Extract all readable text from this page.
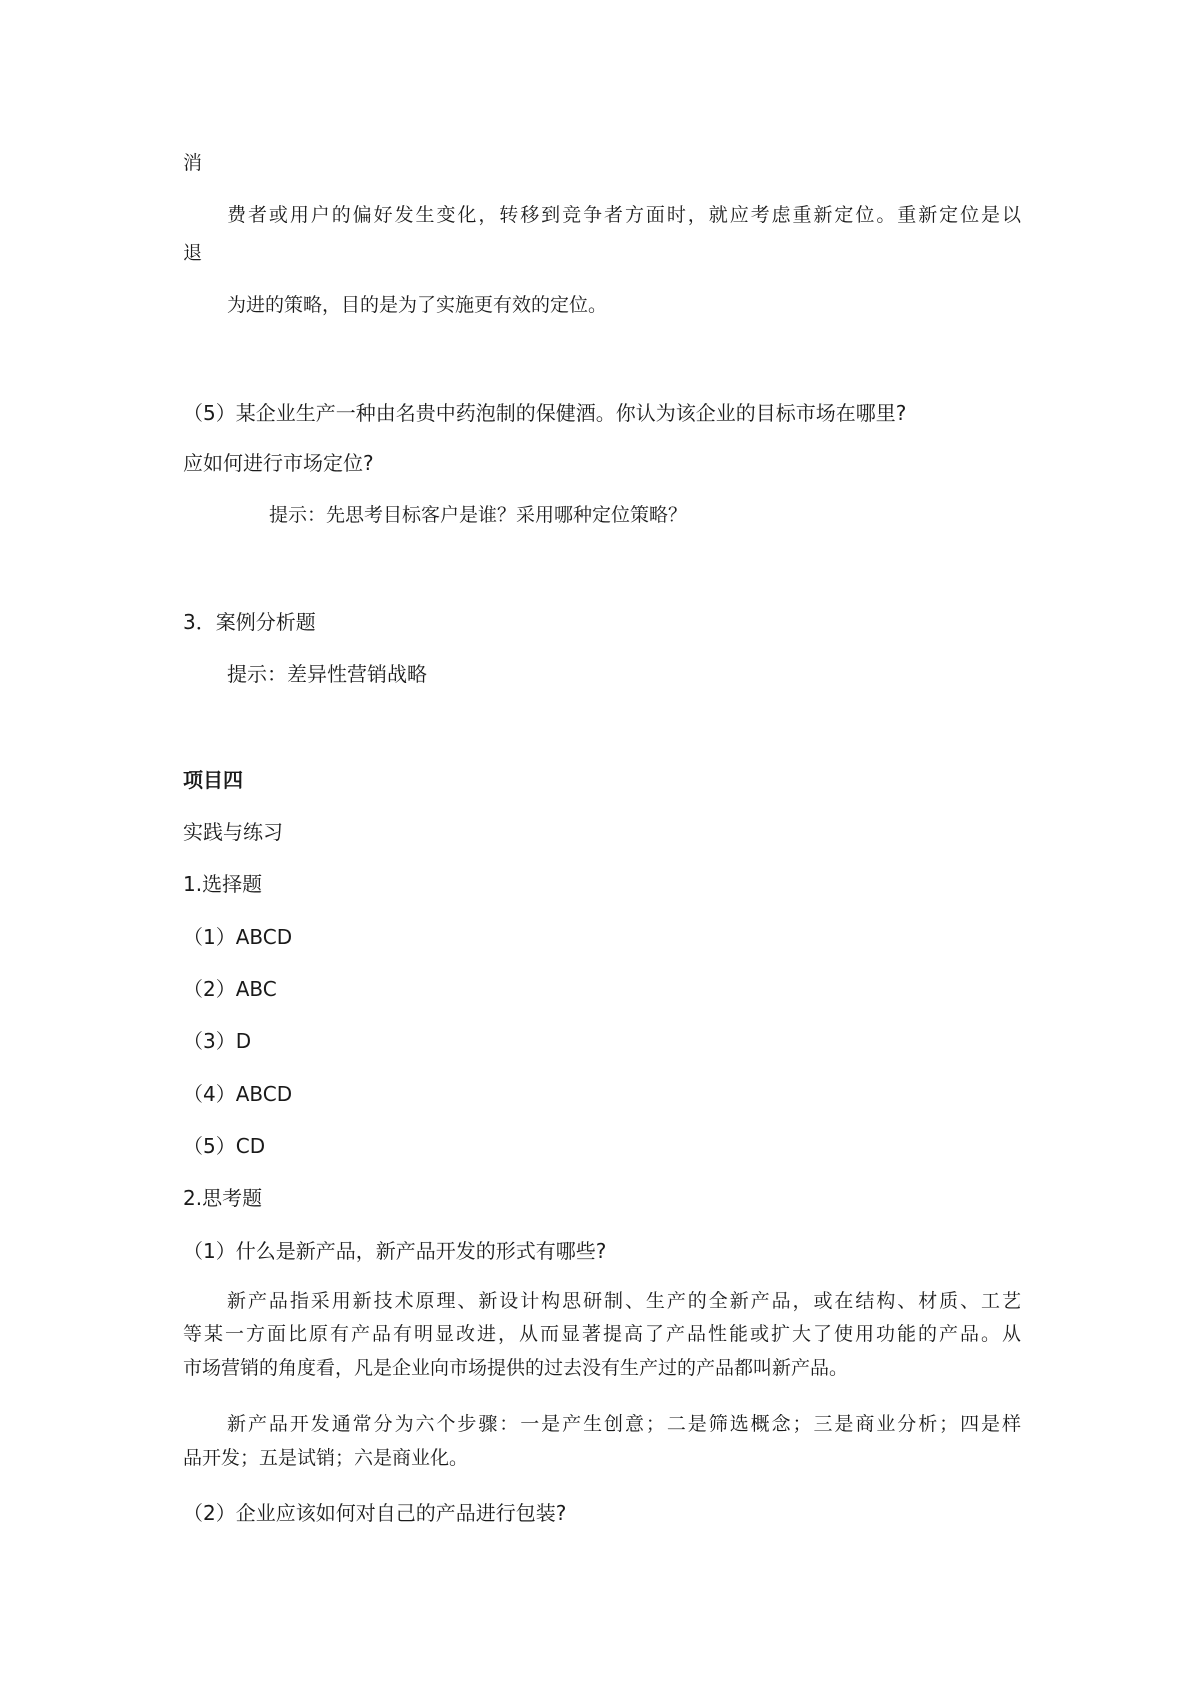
消
费者或用户的偏好发生变化，转移到竞争者方面时，就应考虑重新定位。重新定位是以
退
为进的策略，目的是为了实施更有效的定位。
（5）某企业生产一种由名贵中药泡制的保健酒。你认为该企业的目标市场在哪里?
应如何进行市场定位?
提示：先思考目标客户是谁？采用哪种定位策略？
3．案例分析题
提示：差异性营销战略
项目四
实践与练习
1.选择题
（1）ABCD
（2）ABC
（3）D
（4）ABCD
（5）CD
2.思考题
（1）什么是新产品，新产品开发的形式有哪些?
新产品指采用新技术原理、新设计构思研制、生产的全新产品，或在结构、材质、工艺
等某一方面比原有产品有明显改进，从而显著提高了产品性能或扩大了使用功能的产品。从
市场营销的角度看，凡是企业向市场提供的过去没有生产过的产品都叫新产品。
新产品开发通常分为六个步骤：一是产生创意；二是筛选概念；三是商业分析；四是样
品开发；五是试销；六是商业化。
（2）企业应该如何对自己的产品进行包装?
